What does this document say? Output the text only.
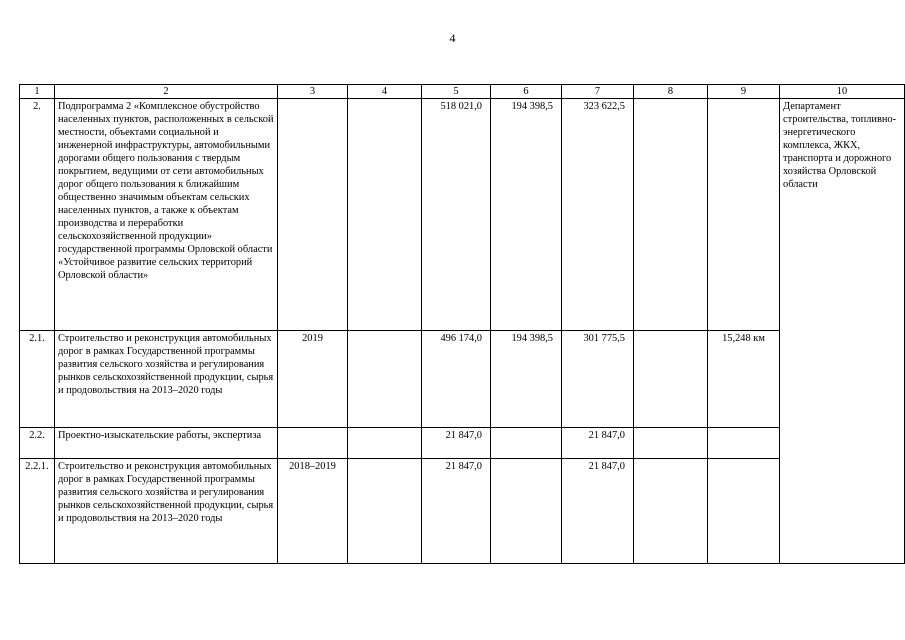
4
1	2	3	4	5	6	7	8	9	10
2.	Подпрограмма 2 «Комплексное обустройство населенных пунктов, расположенных в сельской местности, объектами социальной и инженерной инфраструктуры, автомобильными дорогами общего пользования с твердым покрытием, ведущими от сети автомобильных дорог общего пользования к ближайшим общественно значимым объектам сельских населенных пунктов, а также к объектам производства и переработки сельскохозяйственной продукции» государственной программы Орловской области «Устойчивое развитие сельских территорий Орловской области»			518 021,0	194 398,5	323 622,5			Департамент строительства, топливно-энергетического комплекса, ЖКХ, транспорта и дорожного хозяйства Орловской области
2.1.	Строительство и реконструкция автомобильных дорог в рамках Государственной программы развития сельского хозяйства и регулирования рынков сельскохозяйственной продукции, сырья и продовольствия на 2013–2020 годы	2019		496 174,0	194 398,5	301 775,5		15,248 км	
2.2.	Проектно-изыскательские работы, экспертиза			21 847,0		21 847,0			
2.2.1.	Строительство и реконструкция автомобильных дорог в рамках Государственной программы развития сельского хозяйства и регулирования рынков сельскохозяйственной продукции, сырья и продовольствия на 2013–2020 годы	2018–2019		21 847,0		21 847,0			
